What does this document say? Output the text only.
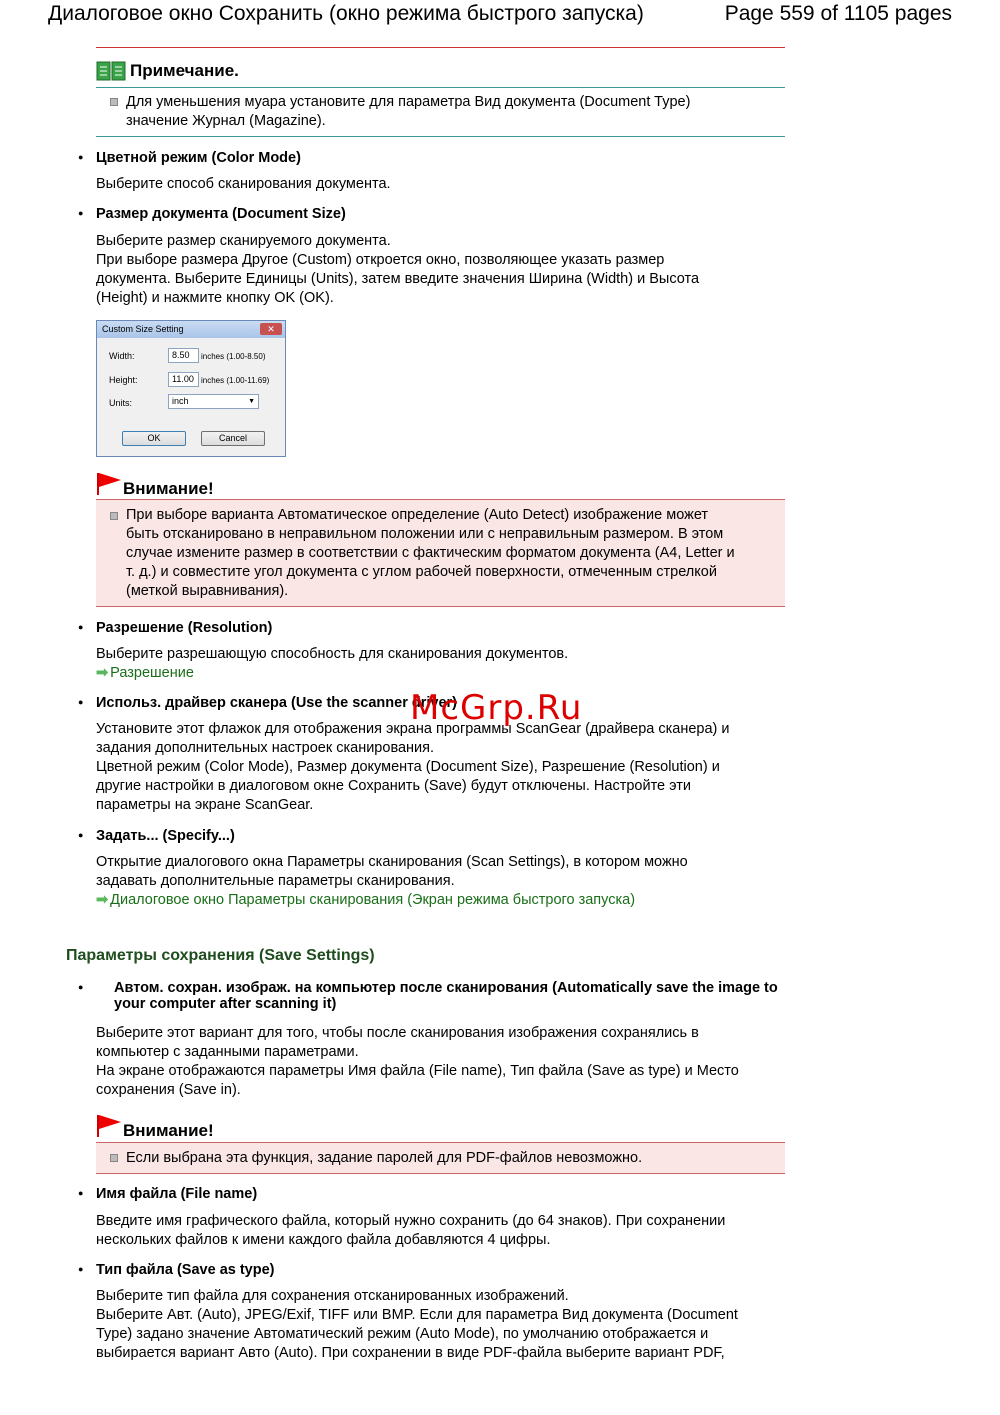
Диалоговое окно Сохранить (окно режима быстрого запуска)	Page 559 of 1105 pages
Примечание.
Для уменьшения муара установите для параметра Вид документа (Document Type)
значение Журнал (Magazine).
● Цветной режим (Color Mode)
Выберите способ сканирования документа.
● Размер документа (Document Size)
Выберите размер сканируемого документа.
При выборе размера Другое (Custom) откроется окно, позволяющее указать размер
документа. Выберите Единицы (Units), затем введите значения Ширина (Width) и Высота
(Height) и нажмите кнопку OK (OK).
Custom Size Setting	✕
Width:	8.50	inches (1.00-8.50)
Height:	11.00 inches (1.00-11.69)
Units:	inch	▼
OK	Cancel
Внимание!
При выборе варианта Автоматическое определение (Auto Detect) изображение может
быть отсканировано в неправильном положении или с неправильным размером. В этом
случае измените размер в соответствии с фактическим форматом документа (A4, Letter и
т. д.) и совместите угол документа с углом рабочей поверхности, отмеченным стрелкой
(меткой выравнивания).
● Разрешение (Resolution)
Выберите разрешающую способность для сканирования документов.
➡ Разрешение
● Использ. драйвер сканера (Use the scanner driver)
Установите этот флажок для отображения экрана программы ScanGear (драйвера сканера) и
задания дополнительных настроек сканирования.
Цветной режим (Color Mode), Размер документа (Document Size), Разрешение (Resolution) и
другие настройки в диалоговом окне Сохранить (Save) будут отключены. Настройте эти
параметры на экране ScanGear.
● Задать... (Specify...)
Открытие диалогового окна Параметры сканирования (Scan Settings), в котором можно
задавать дополнительные параметры сканирования.
➡ Диалоговое окно Параметры сканирования (Экран режима быстрого запуска)
Параметры сохранения (Save Settings)
● Автом. сохран. изображ. на компьютер после сканирования (Automatically save the image to
your computer after scanning it)
Выберите этот вариант для того, чтобы после сканирования изображения сохранялись в
компьютер с заданными параметрами.
На экране отображаются параметры Имя файла (File name), Тип файла (Save as type) и Место
сохранения (Save in).
Внимание!
Если выбрана эта функция, задание паролей для PDF-файлов невозможно.
● Имя файла (File name)
Введите имя графического файла, который нужно сохранить (до 64 знаков). При сохранении
нескольких файлов к имени каждого файла добавляются 4 цифры.
● Тип файла (Save as type)
Выберите тип файла для сохранения отсканированных изображений.
Выберите Авт. (Auto), JPEG/Exif, TIFF или BMP. Если для параметра Вид документа (Document
Type) задано значение Автоматический режим (Auto Mode), по умолчанию отображается и
выбирается вариант Авто (Auto). При сохранении в виде PDF-файла выберите вариант PDF,
McGrp.Ru
